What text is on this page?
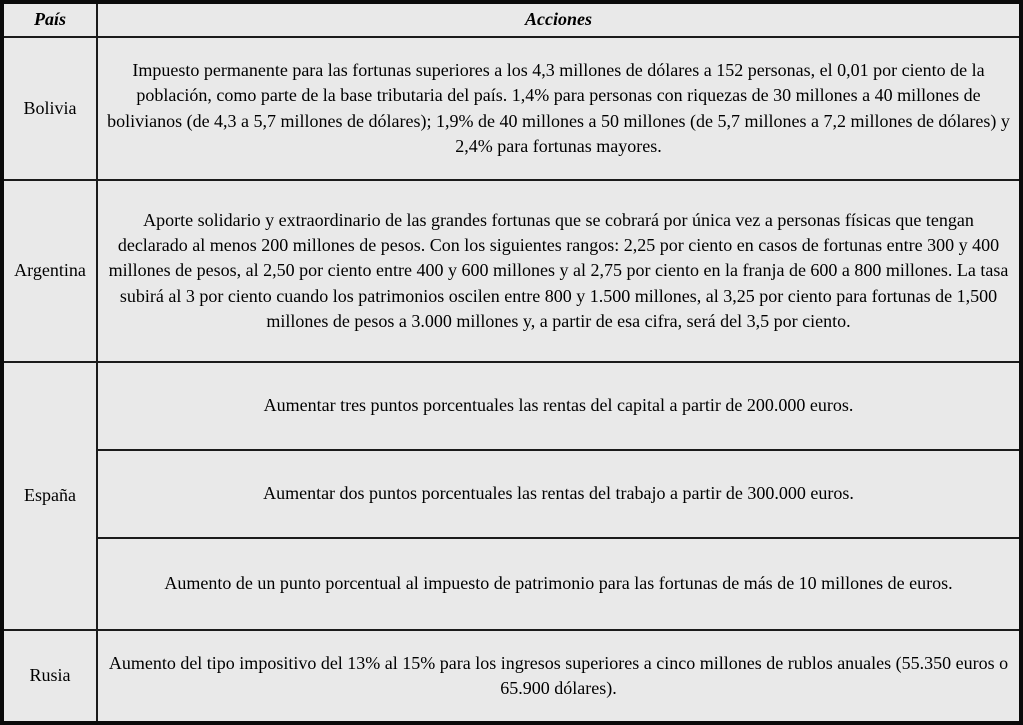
País	Acciones
Bolivia	Impuesto permanente para las fortunas superiores a los 4,3 millones de dólares a 152 personas, el 0,01 por ciento de la población, como parte de la base tributaria del país. 1,4% para personas con riquezas de 30 millones a 40 millones de bolivianos (de 4,3 a 5,7 millones de dólares); 1,9% de 40 millones a 50 millones (de 5,7 millones a 7,2 millones de dólares) y 2,4% para fortunas mayores.
Argentina	Aporte solidario y extraordinario de las grandes fortunas que se cobrará por única vez a personas físicas que tengan declarado al menos 200 millones de pesos. Con los siguientes rangos: 2,25 por ciento en casos de fortunas entre 300 y 400 millones de pesos, al 2,50 por ciento entre 400 y 600 millones y al 2,75 por ciento en la franja de 600 a 800 millones. La tasa subirá al 3 por ciento cuando los patrimonios oscilen entre 800 y 1.500 millones, al 3,25 por ciento para fortunas de 1,500 millones de pesos a 3.000 millones y, a partir de esa cifra, será del 3,5 por ciento.
España	Aumentar tres puntos porcentuales las rentas del capital a partir de 200.000 euros.
	Aumentar dos puntos porcentuales las rentas del trabajo a partir de 300.000 euros.
	Aumento de un punto porcentual al impuesto de patrimonio para las fortunas de más de 10 millones de euros.
Rusia	Aumento del tipo impositivo del 13% al 15% para los ingresos superiores a cinco millones de rublos anuales (55.350 euros o 65.900 dólares).
